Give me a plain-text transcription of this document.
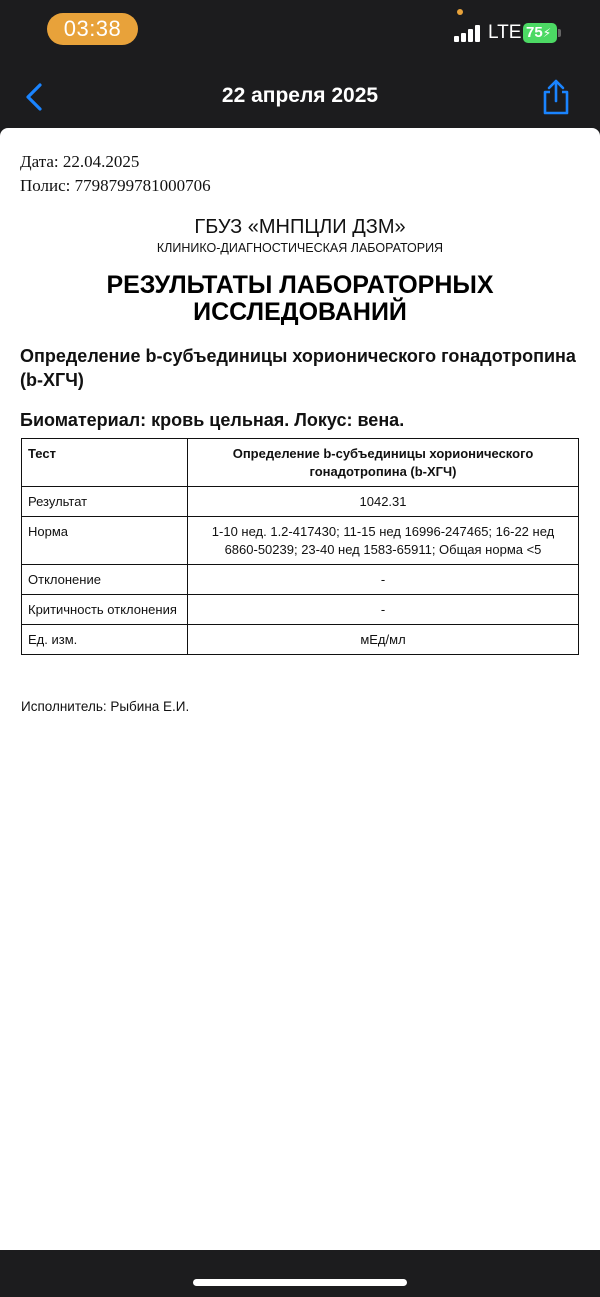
03:38	LTE 75⚡
22 апреля 2025
Дата: 22.04.2025
Полис: 7798799781000706
ГБУЗ «МНПЦЛИ ДЗМ»
КЛИНИКО-ДИАГНОСТИЧЕСКАЯ ЛАБОРАТОРИЯ
РЕЗУЛЬТАТЫ ЛАБОРАТОРНЫХ ИССЛЕДОВАНИЙ
Определение b-субъединицы хорионического гонадотропина (b-ХГЧ)
Биоматериал: кровь цельная. Локус: вена.
Тест	Определение b-субъединицы хорионического гонадотропина (b-ХГЧ)
Результат	1042.31
Норма	1-10 нед. 1.2-417430; 11-15 нед 16996-247465; 16-22 нед 6860-50239; 23-40 нед 1583-65911; Общая норма <5
Отклонение	-
Критичность отклонения	-
Ед. изм.	мЕд/мл
Исполнитель: Рыбина Е.И.
